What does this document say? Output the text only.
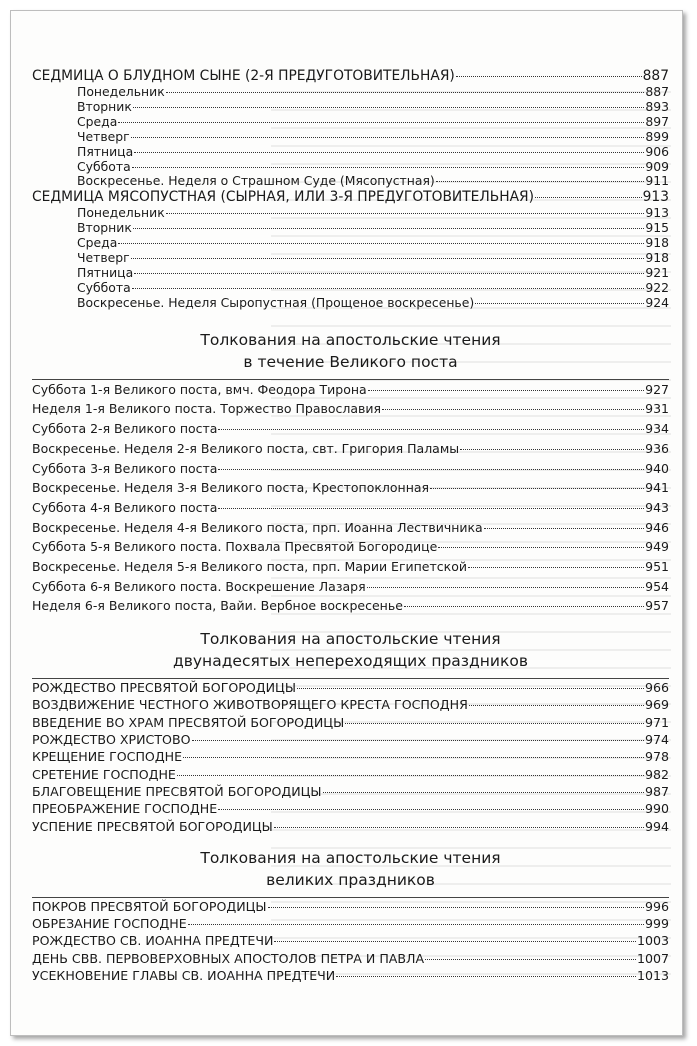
СЕДМИЦА О БЛУДНОМ СЫНЕ (2-Я ПРЕДУГОТОВИТЕЛЬНАЯ)	887
Понедельник	887
Вторник	893
Среда	897
Четверг	899
Пятница	906
Суббота	909
Воскресенье. Неделя о Страшном Суде (Мясопустная)	911
СЕДМИЦА МЯСОПУСТНАЯ (СЫРНАЯ, ИЛИ 3-Я ПРЕДУГОТОВИТЕЛЬНАЯ)	913
Понедельник	913
Вторник	915
Среда	918
Четверг	918
Пятница	921
Суббота	922
Воскресенье. Неделя Сыропустная (Прощеное воскресенье)	924
Толкования на апостольские чтения
в течение Великого поста
Суббота 1-я Великого поста, вмч. Феодора Тирона	927
Неделя 1-я Великого поста. Торжество Православия	931
Суббота 2-я Великого поста	934
Воскресенье. Неделя 2-я Великого поста, свт. Григория Паламы	936
Суббота 3-я Великого поста	940
Воскресенье. Неделя 3-я Великого поста, Крестопоклонная	941
Суббота 4-я Великого поста	943
Воскресенье. Неделя 4-я Великого поста, прп. Иоанна Лествичника	946
Суббота 5-я Великого поста. Похвала Пресвятой Богородице	949
Воскресенье. Неделя 5-я Великого поста, прп. Марии Египетской	951
Суббота 6-я Великого поста. Воскрешение Лазаря	954
Неделя 6-я Великого поста, Вайи. Вербное воскресенье	957
Толкования на апостольские чтения
двунадесятых непереходящих праздников
РОЖДЕСТВО ПРЕСВЯТОЙ БОГОРОДИЦЫ	966
ВОЗДВИЖЕНИЕ ЧЕСТНОГО ЖИВОТВОРЯЩЕГО КРЕСТА ГОСПОДНЯ	969
ВВЕДЕНИЕ ВО ХРАМ ПРЕСВЯТОЙ БОГОРОДИЦЫ	971
РОЖДЕСТВО ХРИСТОВО	974
КРЕЩЕНИЕ ГОСПОДНЕ	978
СРЕТЕНИЕ ГОСПОДНЕ	982
БЛАГОВЕЩЕНИЕ ПРЕСВЯТОЙ БОГОРОДИЦЫ	987
ПРЕОБРАЖЕНИЕ ГОСПОДНЕ	990
УСПЕНИЕ ПРЕСВЯТОЙ БОГОРОДИЦЫ	994
Толкования на апостольские чтения
великих праздников
ПОКРОВ ПРЕСВЯТОЙ БОГОРОДИЦЫ	996
ОБРЕЗАНИЕ ГОСПОДНЕ	999
РОЖДЕСТВО СВ. ИОАННА ПРЕДТЕЧИ	1003
ДЕНЬ СВВ. ПЕРВОВЕРХОВНЫХ АПОСТОЛОВ ПЕТРА И ПАВЛА	1007
УСЕКНОВЕНИЕ ГЛАВЫ СВ. ИОАННА ПРЕДТЕЧИ	1013
